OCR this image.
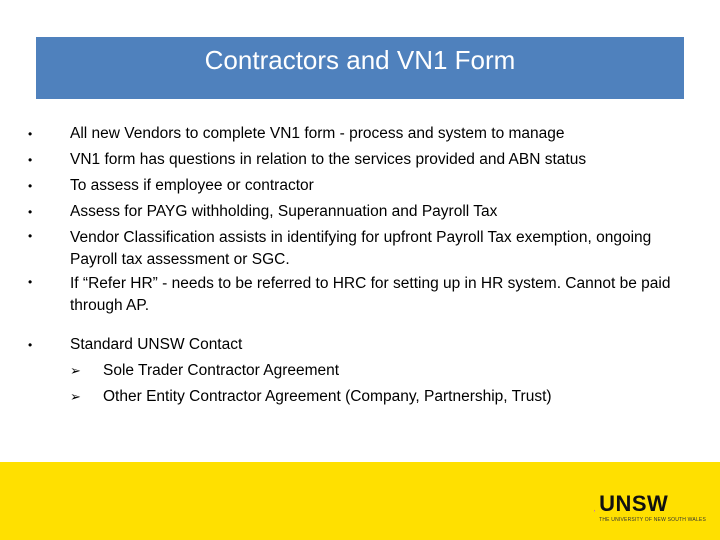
Contractors and VN1 Form
•	All new Vendors to complete VN1 form - process and system to manage
•	VN1 form has questions in relation to the services provided and ABN status
•	To assess if employee or contractor
•	Assess for PAYG withholding, Superannuation and Payroll Tax
•	Vendor Classification assists in identifying for upfront Payroll Tax exemption, ongoing Payroll tax assessment or SGC.
•	If “Refer HR” - needs to be referred to HRC for setting up in HR system. Cannot be paid through AP.
•	Standard UNSW Contact
➢ Sole Trader Contractor Agreement
➢ Other Entity Contractor Agreement (Company, Partnership, Trust)
UNSW
THE UNIVERSITY OF NEW SOUTH WALES
